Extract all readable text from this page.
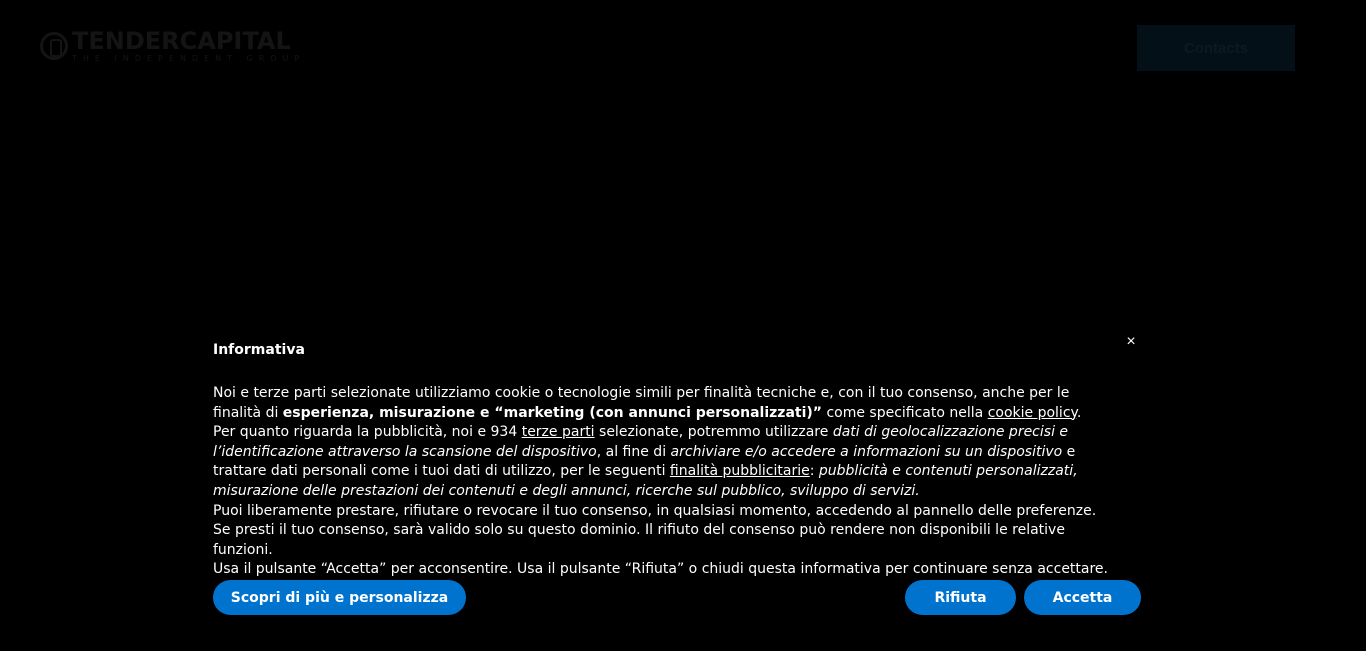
TENDERCAPITAL
THE INDEPENDENT GROUP
Contacts
Informativa	×

Noi e terze parti selezionate utilizziamo cookie o tecnologie simili per finalità tecniche e, con il tuo consenso, anche per le finalità di esperienza, misurazione e “marketing (con annunci personalizzati)” come specificato nella cookie policy.

Per quanto riguarda la pubblicità, noi e 934 terze parti selezionate, potremmo utilizzare dati di geolocalizzazione precisi e l’identificazione attraverso la scansione del dispositivo, al fine di archiviare e/o accedere a informazioni su un dispositivo e trattare dati personali come i tuoi dati di utilizzo, per le seguenti finalità pubblicitarie: pubblicità e contenuti personalizzati, misurazione delle prestazioni dei contenuti e degli annunci, ricerche sul pubblico, sviluppo di servizi.

Puoi liberamente prestare, rifiutare o revocare il tuo consenso, in qualsiasi momento, accedendo al pannello delle preferenze. Se presti il tuo consenso, sarà valido solo su questo dominio. Il rifiuto del consenso può rendere non disponibili le relative funzioni.

Usa il pulsante “Accetta” per acconsentire. Usa il pulsante “Rifiuta” o chiudi questa informativa per continuare senza accettare.

Scopri di più e personalizza	Rifiuta	Accetta
